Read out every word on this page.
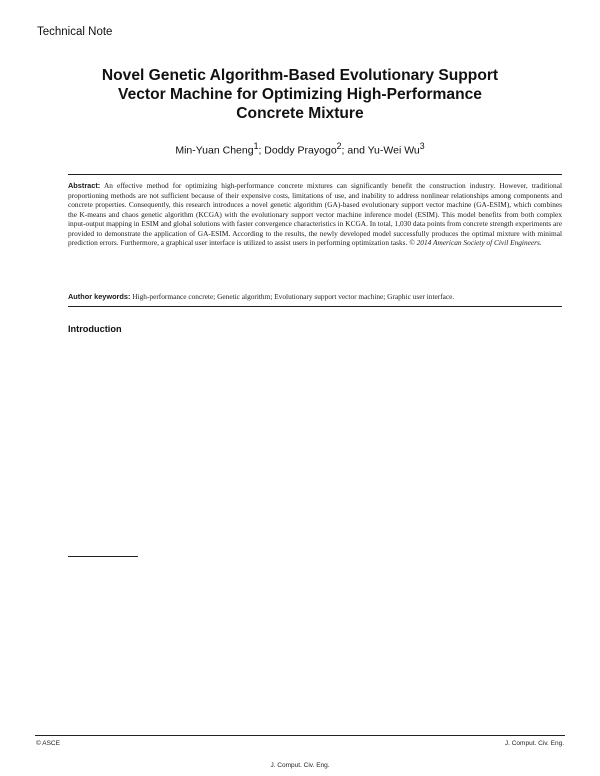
Technical Note
Novel Genetic Algorithm-Based Evolutionary Support
Vector Machine for Optimizing High-Performance
Concrete Mixture
Min-Yuan Cheng$^1$; Doddy Prayogo$^2$; and Yu-Wei Wu$^3$
Abstract: An effective method for optimizing high-performance concrete mixtures can significantly benefit the construction industry. However, traditional proportioning methods are not sufficient because of their expensive costs, limitations of use, and inability to address nonlinear relationships among components and concrete properties. Consequently, this research introduces a novel genetic algorithm (GA)-based evolutionary support vector machine (GA-ESIM), which combines the K-means and chaos genetic algorithm (KCGA) with the evolutionary support vector machine inference model (ESIM). This model benefits from both complex input-output mapping in ESIM and global solutions with faster convergence characteristics in KCGA. In total, 1,030 data points from concrete strength experiments are provided to demonstrate the application of GA-ESIM. According to the results, the newly developed model successfully produces the optimal mixture with minimal prediction errors. Furthermore, a graphical user interface is utilized to assist users in performing optimization tasks. © 2014 American Society of Civil Engineers.
Author keywords: High-performance concrete; Genetic algorithm; Evolutionary support vector machine; Graphic user interface.
Introduction
© ASCE	J. Comput. Civ. Eng.
J. Comput. Civ. Eng.
